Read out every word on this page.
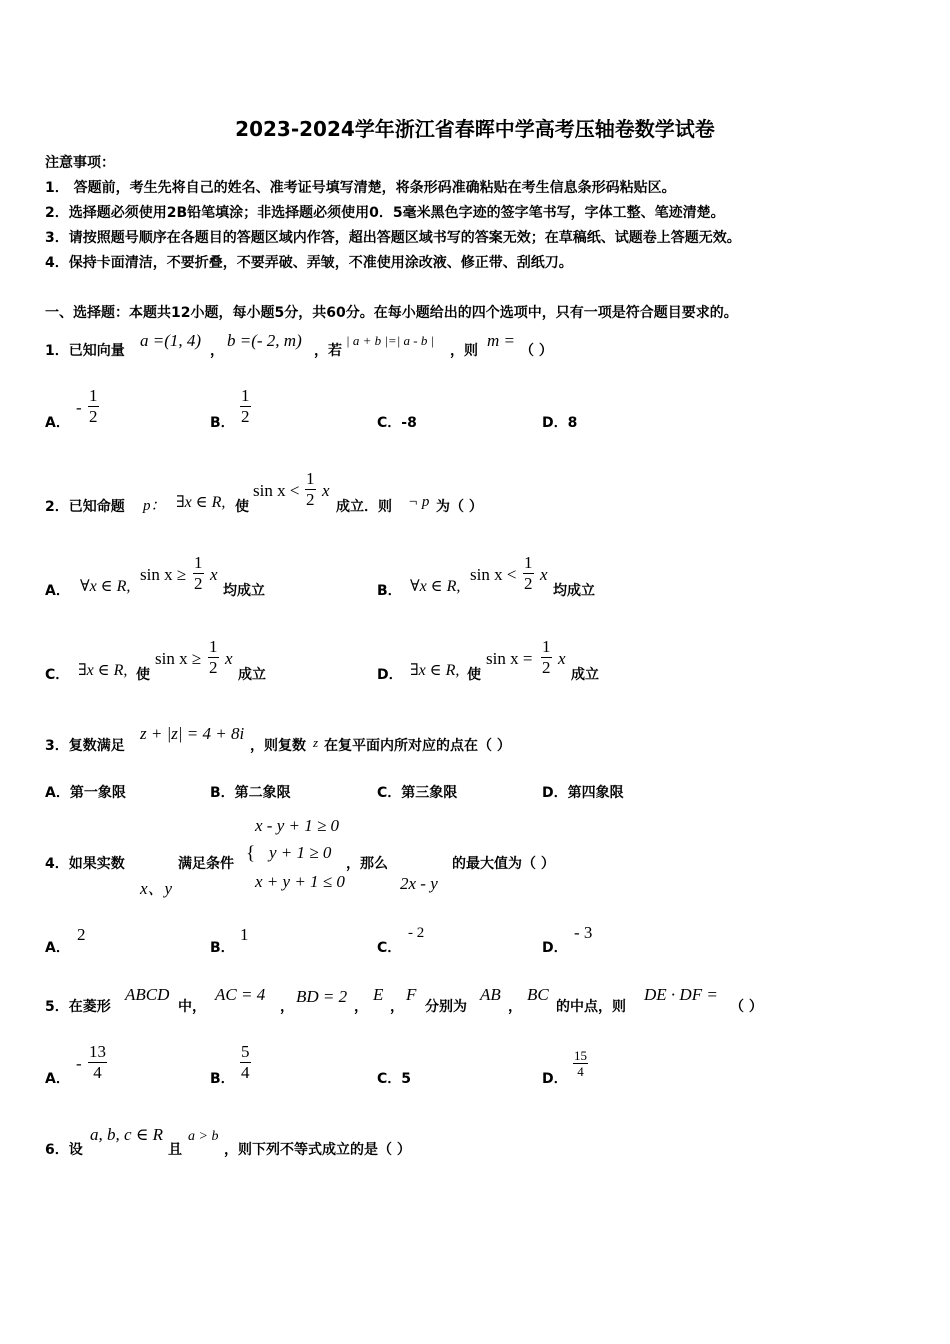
2023-2024学年浙江省春晖中学高考压轴卷数学试卷
注意事项：
1． 答题前，考生先将自己的姓名、准考证号填写清楚，将条形码准确粘贴在考生信息条形码粘贴区。
2．选择题必须使用2B铅笔填涂；非选择题必须使用0．5毫米黑色字迹的签字笔书写，字体工整、笔迹清楚。
3．请按照题号顺序在各题目的答题区域内作答，超出答题区域书写的答案无效；在草稿纸、试题卷上答题无效。
4．保持卡面清洁，不要折叠，不要弄破、弄皱，不准使用涂改液、修正带、刮纸刀。
一、选择题：本题共12小题，每小题5分，共60分。在每小题给出的四个选项中，只有一项是符合题目要求的。
1．已知向量
a =(1, 4)
，
b =(- 2, m)
，若
| a + b |=| a - b |
，则
m =
（ ）
A．
- $\frac{1}{2}$	B． $\frac{1}{2}$	C．-8	D．8
2．已知命题 p： ∃x ∈ R, 使
$\sin x < \frac{1}{2}$ x
成立．则 ¬ p 为（ ）
A． ∀x ∈ R,
$\sin x \ge \frac{1}{2}$ x
均成立	B． ∀x ∈ R,
$\sin x < \frac{1}{2}$ x
均成立
C． ∃x ∈ R, 使
$\sin x \ge \frac{1}{2}$ x
成立	D． ∃x ∈ R, 使
$\sin x = \frac{1}{2}$ x
成立
3．复数满足
z + |z| = 4 + 8i
，则复数 z 在复平面内所对应的点在（ ）
A．第一象限	B．第二象限	C．第三象限	D．第四象限
x - y + 1 ≥ 0
4．如果实数	满足条件 { y + 1 ≥ 0
，那么	的最大值为（ ）
x、y	x + y + 1 ≤ 0	2x - y
A．
2
B．
1
C．
- 2
D．
- 3
5．在菱形
ABCD
中，
AC = 4
，
BD = 2
，
E
，
F
分别为
AB
，
BC
的中点，则
DE · DF =
（ ）
A．
- $\frac{13}{4}$	B． $\frac{5}{4}$	C．5	D． $\frac{15}{4}$
6．设
a, b, c ∈ R
且
a > b
，则下列不等式成立的是（ ）
